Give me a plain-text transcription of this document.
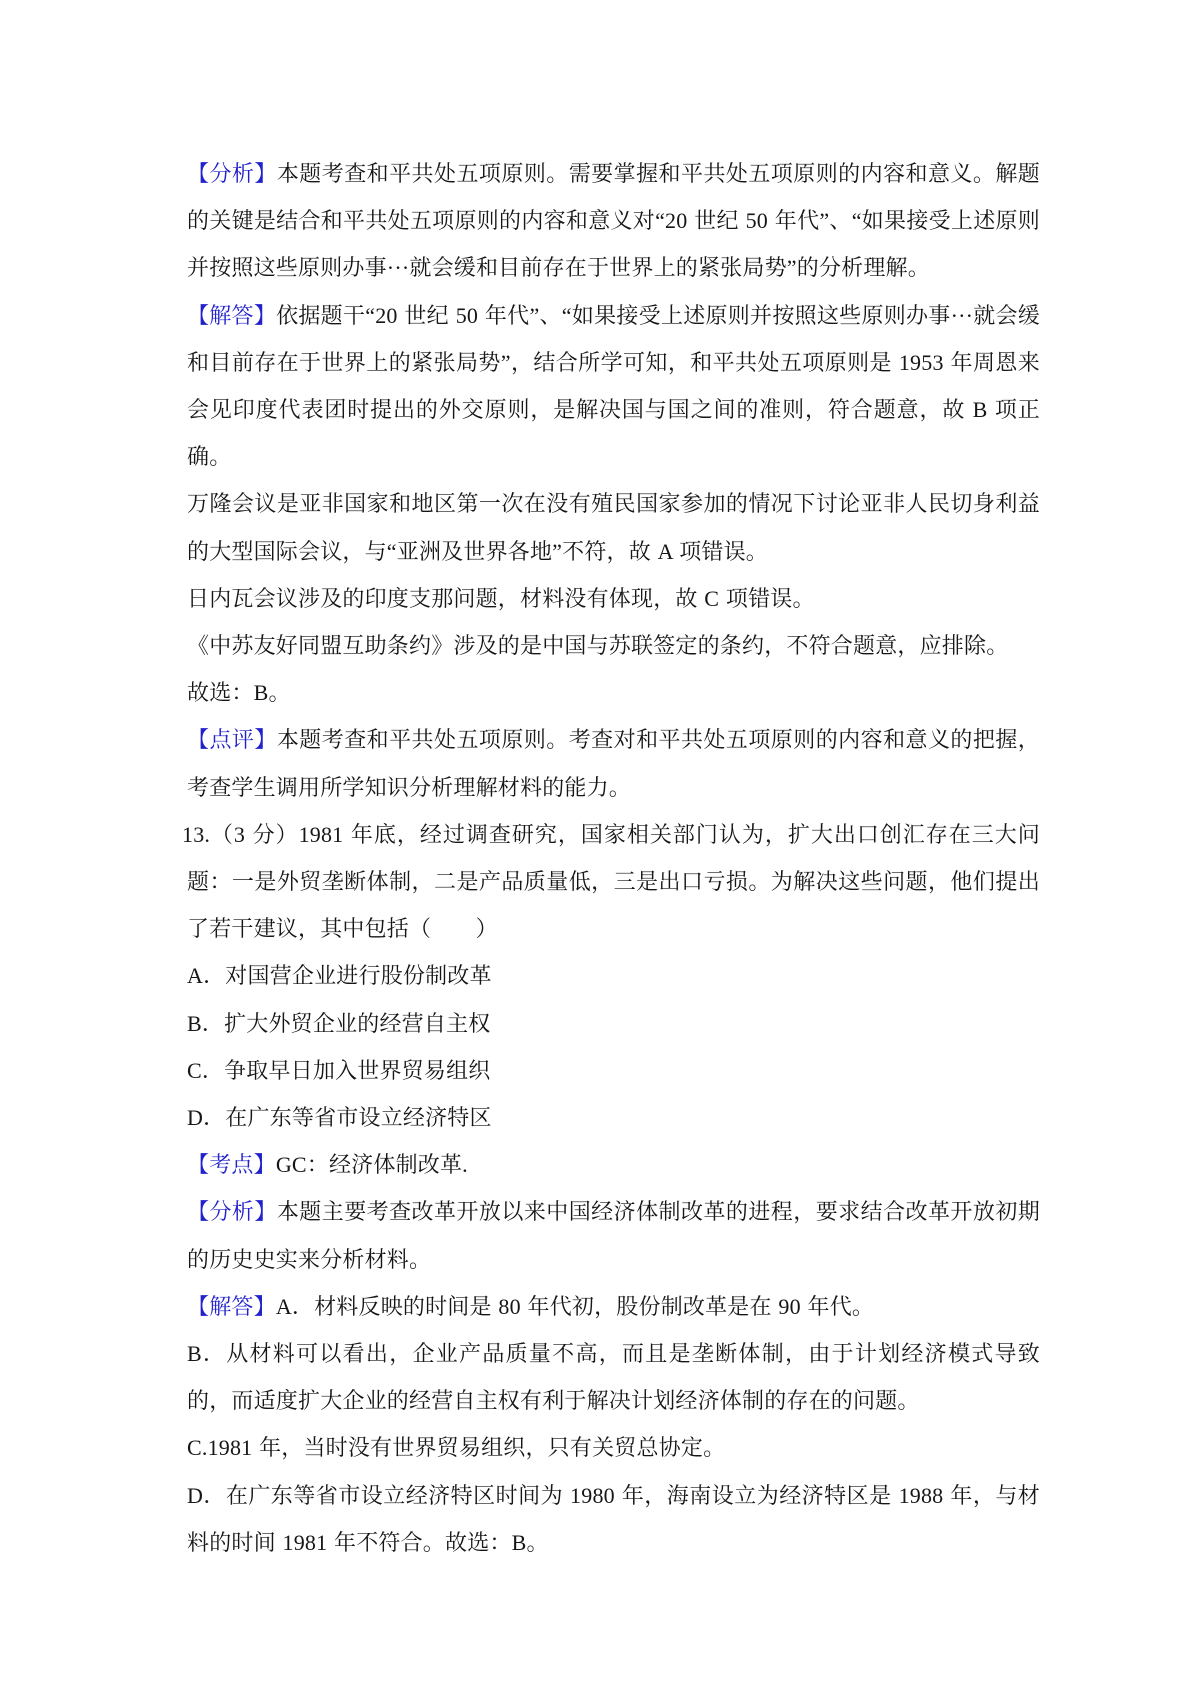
【分析】本题考查和平共处五项原则。需要掌握和平共处五项原则的内容和意义。解题的关键是结合和平共处五项原则的内容和意义对“20 世纪 50 年代”、“如果接受上述原则并按照这些原则办事···就会缓和目前存在于世界上的紧张局势”的分析理解。

【解答】依据题干“20 世纪 50 年代”、“如果接受上述原则并按照这些原则办事···就会缓和目前存在于世界上的紧张局势”，结合所学可知，和平共处五项原则是 1953 年周恩来会见印度代表团时提出的外交原则，是解决国与国之间的准则，符合题意，故 B 项正确。

万隆会议是亚非国家和地区第一次在没有殖民国家参加的情况下讨论亚非人民切身利益的大型国际会议，与“亚洲及世界各地”不符，故 A 项错误。

日内瓦会议涉及的印度支那问题，材料没有体现，故 C 项错误。

《中苏友好同盟互助条约》涉及的是中国与苏联签定的条约，不符合题意，应排除。

故选：B。

【点评】本题考查和平共处五项原则。考查对和平共处五项原则的内容和意义的把握，考查学生调用所学知识分析理解材料的能力。

13.（3 分）1981 年底，经过调查研究，国家相关部门认为，扩大出口创汇存在三大问题：一是外贸垄断体制，二是产品质量低，三是出口亏损。为解决这些问题，他们提出了若干建议，其中包括（　　）

A．对国营企业进行股份制改革

B．扩大外贸企业的经营自主权

C．争取早日加入世界贸易组织

D．在广东等省市设立经济特区

【考点】GC：经济体制改革.

【分析】本题主要考查改革开放以来中国经济体制改革的进程，要求结合改革开放初期的历史史实来分析材料。

【解答】A．材料反映的时间是 80 年代初，股份制改革是在 90 年代。

B．从材料可以看出，企业产品质量不高，而且是垄断体制，由于计划经济模式导致的，而适度扩大企业的经营自主权有利于解决计划经济体制的存在的问题。

C.1981 年，当时没有世界贸易组织，只有关贸总协定。

D．在广东等省市设立经济特区时间为 1980 年，海南设立为经济特区是 1988 年，与材料的时间 1981 年不符合。故选：B。
